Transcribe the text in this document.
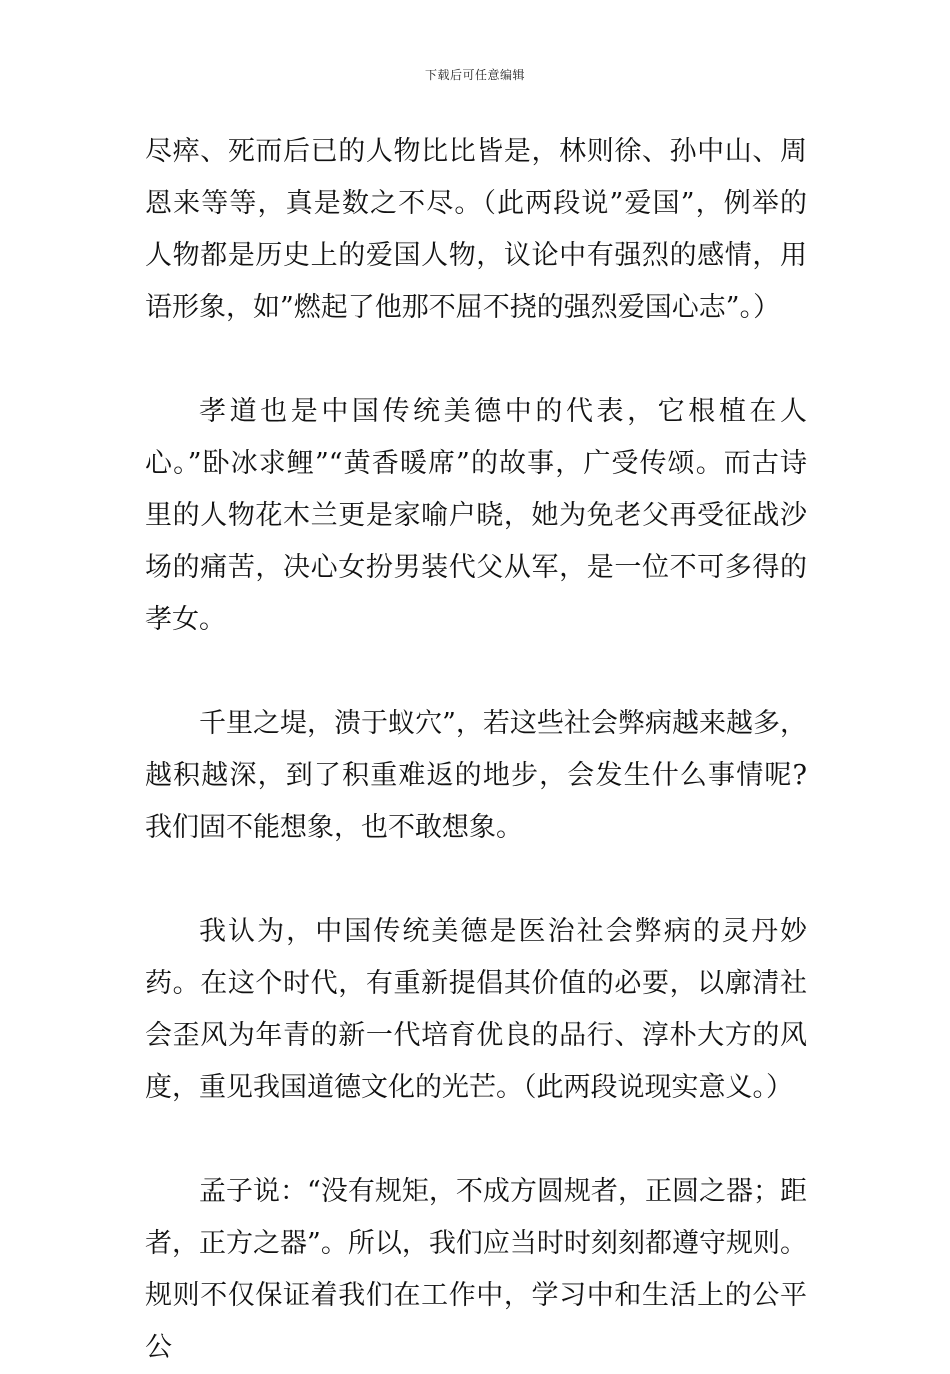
下载后可任意编辑

尽瘁、死而后已的人物比比皆是，林则徐、孙中山、周恩来等等，真是数之不尽。（此两段说”爱国”，例举的人物都是历史上的爱国人物，议论中有强烈的感情，用语形象，如”燃起了他那不屈不挠的强烈爱国心志”。）

孝道也是中国传统美德中的代表，它根植在人心。”卧冰求鲤”“黄香暖席”的故事，广受传颂。而古诗里的人物花木兰更是家喻户晓，她为免老父再受征战沙场的痛苦，决心女扮男装代父从军，是一位不可多得的孝女。

千里之堤，溃于蚁穴”，若这些社会弊病越来越多，越积越深，到了积重难返的地步，会发生什么事情呢?我们固不能想象，也不敢想象。

我认为，中国传统美德是医治社会弊病的灵丹妙药。在这个时代，有重新提倡其价值的必要，以廓清社会歪风为年青的新一代培育优良的品行、淳朴大方的风度，重见我国道德文化的光芒。（此两段说现实意义。）

孟子说：“没有规矩，不成方圆规者，正圆之器；距者，正方之器”。所以，我们应当时时刻刻都遵守规则。规则不仅保证着我们在工作中，学习中和生活上的公平公
